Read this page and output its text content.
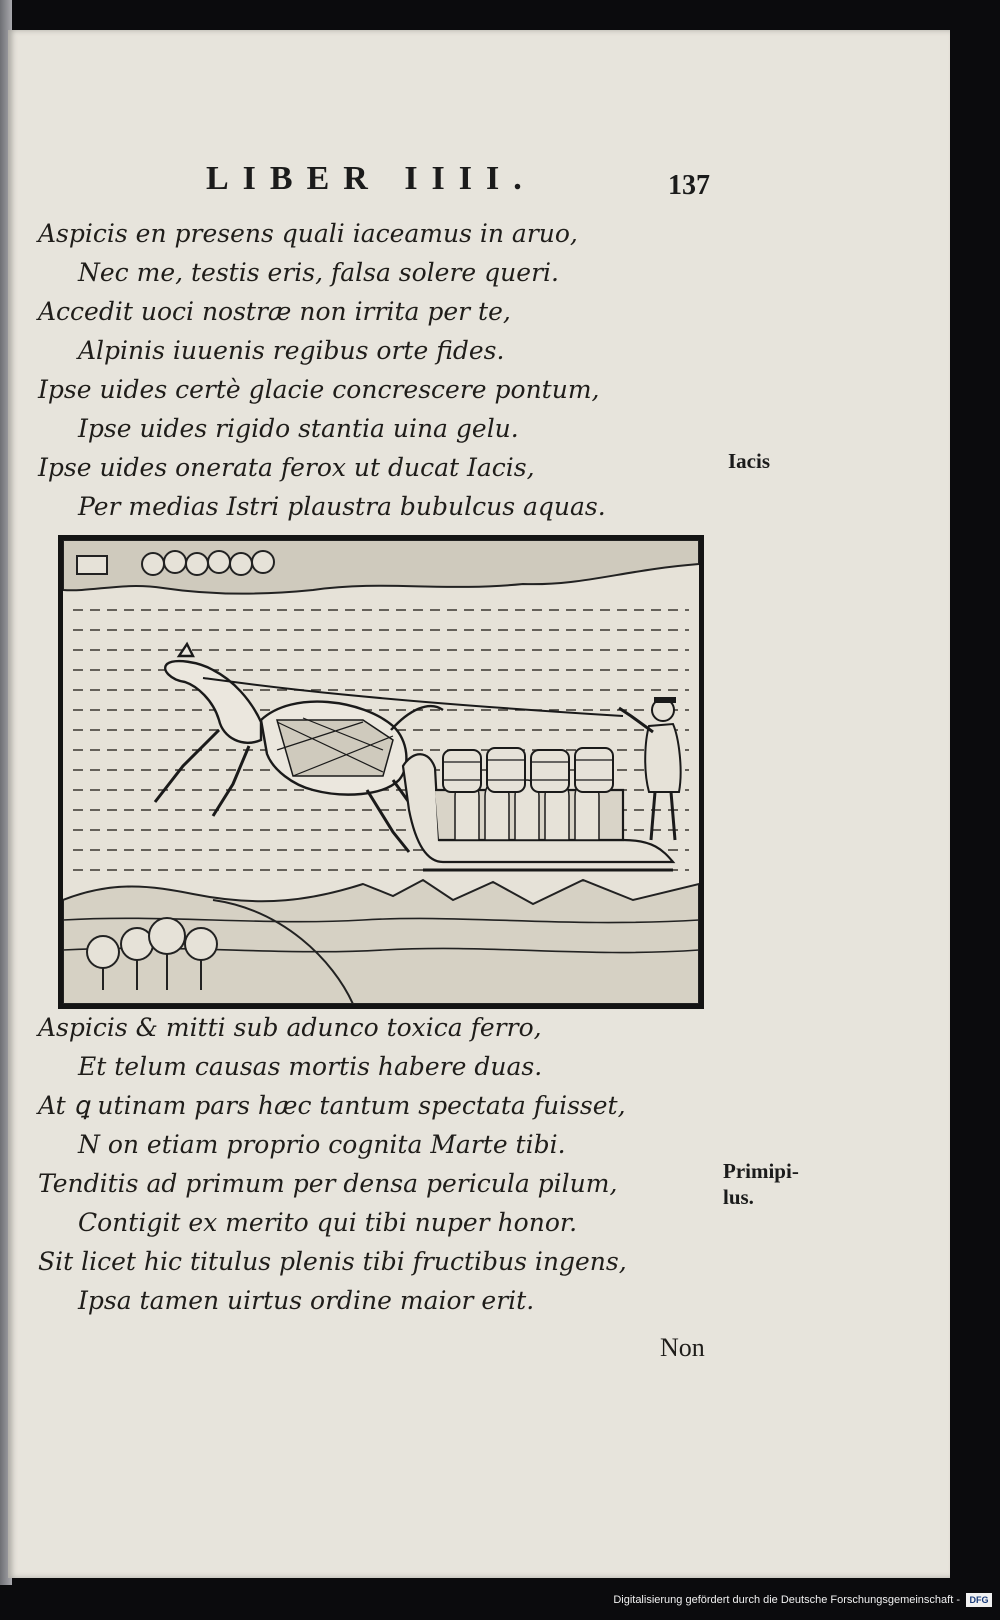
LIBER IIII.	137
Aspicis en presens quali iaceamus in aruo,
Nec me, testis eris, falsa solere queri.
Accedit uoci nostræ non irrita per te,
Alpinis iuuenis regibus orte fides.
Ipse uides certè glacie concrescere pontum,
Ipse uides rigido stantia uina gelu.
Ipse uides onerata ferox ut ducat Iacis,
Per medias Istri plaustra bubulcus aquas.
Iacis
Aspicis & mitti sub adunco toxica ferro,
Et telum causas mortis habere duas.
At ꝗ utinam pars hæc tantum spectata fuisset,
N on etiam proprio cognita Marte tibi.
Tenditis ad primum per densa pericula pilum,
Contigit ex merito qui tibi nuper honor.
Sit licet hic titulus plenis tibi fructibus ingens,
Ipsa tamen uirtus ordine maior erit.
Primipi-
lus.
Non
Digitalisierung gefördert durch die Deutsche Forschungsgemeinschaft -	DFG
